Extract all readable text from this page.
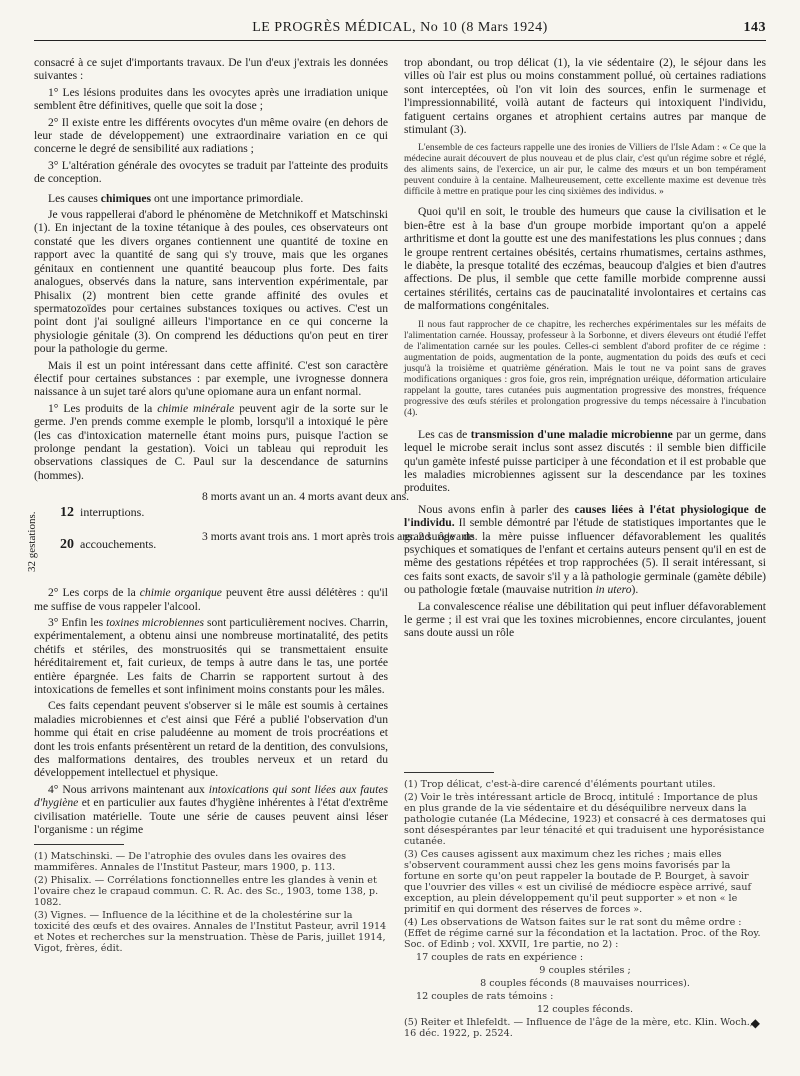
LE PROGRÈS MÉDICAL, No 10 (8 Mars 1924)	143

consacré à ce sujet d'importants travaux. De l'un d'eux j'extrais les données suivantes :

1° Les lésions produites dans les ovocytes après une irradiation unique semblent être définitives, quelle que soit la dose ;

2° Il existe entre les différents ovocytes d'un même ovaire (en dehors de leur stade de développement) une extraordinaire variation en ce qui concerne le degré de sensibilité aux radiations ;

3° L'altération générale des ovocytes se traduit par l'atteinte des produits de conception.

Les causes chimiques ont une importance primordiale.

Je vous rappellerai d'abord le phénomène de Metchnikoff et Matschinski (1). En injectant de la toxine tétanique à des poules, ces observateurs ont constaté que les divers organes contiennent une quantité de toxine en rapport avec la quantité de sang qui s'y trouve, mais que les organes génitaux en contiennent une quantité beaucoup plus forte. Des faits analogues, observés dans la nature, sans intervention expérimentale, par Phisalix (2) montrent bien cette grande affinité des ovules et spermatozoïdes pour certaines substances toxiques ou actives. C'est un point dont j'ai souligné ailleurs l'importance en ce qui concerne la physiologie génitale (3). On comprend les déductions qu'on peut en tirer pour la pathologie du germe.

Mais il est un point intéressant dans cette affinité. C'est son caractère électif pour certaines substances : par exemple, une ivrognesse donnera naissance à un sujet taré alors qu'une opiomane aura un enfant normal.

1° Les produits de la chimie minérale peuvent agir de la sorte sur le germe. J'en prends comme exemple le plomb, lorsqu'il a intoxiqué le père (les cas d'intoxication maternelle étant moins purs, puisque l'action se prolonge pendant la gestation). Voici un tableau qui reproduit les observations classiques de C. Paul sur la descendance de saturnins (hommes).

32 gestations. 12 interruptions.
20 accouchements.
8 morts avant un an. 4 morts avant deux ans.
3 morts avant trois ans. 1 mort après trois ans. 2 survivants.

2° Les corps de la chimie organique peuvent être aussi délétères : qu'il me suffise de vous rappeler l'alcool.

3° Enfin les toxines microbiennes sont particulièrement nocives. Charrin, expérimentalement, a obtenu ainsi une nombreuse mortinatalité, des petits chétifs et stériles, des monstruosités qui se transmettaient ensuite héréditairement et, fait curieux, de temps à autre dans le tas, une portée entière épargnée. Les faits de Charrin se rapportent surtout à des intoxications de femelles et sont infiniment moins constants pour les mâles.

Ces faits cependant peuvent s'observer si le mâle est soumis à certaines maladies microbiennes et c'est ainsi que Féré a publié l'observation d'un homme qui était en crise paludéenne au moment de trois procréations et dont les trois enfants présentèrent un retard de la dentition, des convulsions, des malformations dentaires, des troubles nerveux et un retard du développement intellectuel et physique.

4° Nous arrivons maintenant aux intoxications qui sont liées aux fautes d'hygiène et en particulier aux fautes d'hygiène inhérentes à l'état d'extrême civilisation matérielle. Toute une série de causes peuvent ainsi léser l'organisme : un régime

(1) Matschinski. — De l'atrophie des ovules dans les ovaires des mammifères. Annales de l'Institut Pasteur, mars 1900, p. 113.

(2) Phisalix. — Corrélations fonctionnelles entre les glandes à venin et l'ovaire chez le crapaud commun. C. R. Ac. des Sc., 1903, tome 138, p. 1082.

(3) Vignes. — Influence de la lécithine et de la cholestérine sur la toxicité des œufs et des ovaires. Annales de l'Institut Pasteur, avril 1914 et Notes et recherches sur la menstruation. Thèse de Paris, juillet 1914, Vigot, frères, édit.

trop abondant, ou trop délicat (1), la vie sédentaire (2), le séjour dans les villes où l'air est plus ou moins constamment pollué, où certaines radiations sont interceptées, où l'on vit loin des sources, enfin le surmenage et l'impressionnabilité, voilà autant de facteurs qui intoxiquent l'individu, fatiguent certains organes et atrophient certains autres par manque de stimulant (3).

L'ensemble de ces facteurs rappelle une des ironies de Villiers de l'Isle Adam : « Ce que la médecine aurait découvert de plus nouveau et de plus clair, c'est qu'un régime sobre et réglé, des aliments sains, de l'exercice, un air pur, le calme des mœurs et un bon tempérament peuvent conduire à la centaine. Malheureusement, cette excellente maxime est devenue très difficile à mettre en pratique pour les cinq sixièmes des individus. »

Quoi qu'il en soit, le trouble des humeurs que cause la civilisation et le bien-être est à la base d'un groupe morbide important qu'on a appelé arthritisme et dont la goutte est une des manifestations les plus connues ; dans le groupe rentrent certaines obésités, certains rhumatismes, certains asthmes, le diabète, la presque totalité des eczémas, beaucoup d'algies et bien d'autres affections. De plus, il semble que cette famille morbide comprenne aussi certaines stérilités, certains cas de paucinatalité involontaires et certains cas de malformations congénitales.

Il nous faut rapprocher de ce chapitre, les recherches expérimentales sur les méfaits de l'alimentation carnée. Houssay, professeur à la Sorbonne, et divers éleveurs ont étudié l'effet de l'alimentation carnée sur les poules. Celles-ci semblent d'abord profiter de ce régime : augmentation de poids, augmentation de la ponte, augmentation du poids des œufs et ceci jusqu'à la troisième et quatrième génération. Mais le tout ne va point sans de graves modifications organiques : gros foie, gros rein, imprégnation uréique, déformation articulaire rappelant la goutte, tares cutanées puis augmentation progressive des monstres, fréquence progressive des œufs stériles et prolongation progressive du temps nécessaire à l'incubation (4).

Les cas de transmission d'une maladie microbienne par un germe, dans lequel le microbe serait inclus sont assez discutés : il semble bien difficile qu'un gamète infesté puisse participer à une fécondation et il est probable que les maladies microbiennes agissent sur la descendance par les toxines produites.

Nous avons enfin à parler des causes liées à l'état physiologique de l'individu. Il semble démontré par l'étude de statistiques importantes que le grand âge de la mère puisse influencer défavorablement les qualités psychiques et somatiques de l'enfant et certains auteurs pensent qu'il en est de même des gestations répétées et trop rapprochées (5). Il serait intéressant, si ces faits sont exacts, de savoir s'il y a là pathologie germinale (gamète débile) ou pathologie fœtale (mauvaise nutrition in utero).

La convalescence réalise une débilitation qui peut influer défavorablement le germe ; il est vrai que les toxines microbiennes, encore circulantes, jouent sans doute aussi un rôle

(1) Trop délicat, c'est-à-dire carencé d'éléments pourtant utiles.

(2) Voir le très intéressant article de Brocq, intitulé : Importance de plus en plus grande de la vie sédentaire et du déséquilibre nerveux dans la pathologie cutanée (La Médecine, 1923) et consacré à ces dermatoses qui sont désespérantes par leur ténacité et qui traduisent une hyporésistance cutanée.

(3) Ces causes agissent aux maximum chez les riches ; mais elles s'observent couramment aussi chez les gens moins favorisés par la fortune en sorte qu'on peut rappeler la boutade de P. Bourget, à savoir que l'ouvrier des villes « est un civilisé de médiocre espèce arrivé, sauf exception, au plein développement qu'il peut supporter » et non « le primitif en qui dorment des réserves de forces ».

(4) Les observations de Watson faites sur le rat sont du même ordre : (Effet de régime carné sur la fécondation et la lactation. Proc. of the Roy. Soc. of Edinb ; vol. XXVII, 1re partie, no 2) :

17 couples de rats en expérience :

9 couples stériles ;

8 couples féconds (8 mauvaises nourrices).

12 couples de rats témoins :

12 couples féconds.

(5) Reiter et Ihlefeldt. — Influence de l'âge de la mère, etc. Klin. Woch., 16 déc. 1922, p. 2524.

◆
